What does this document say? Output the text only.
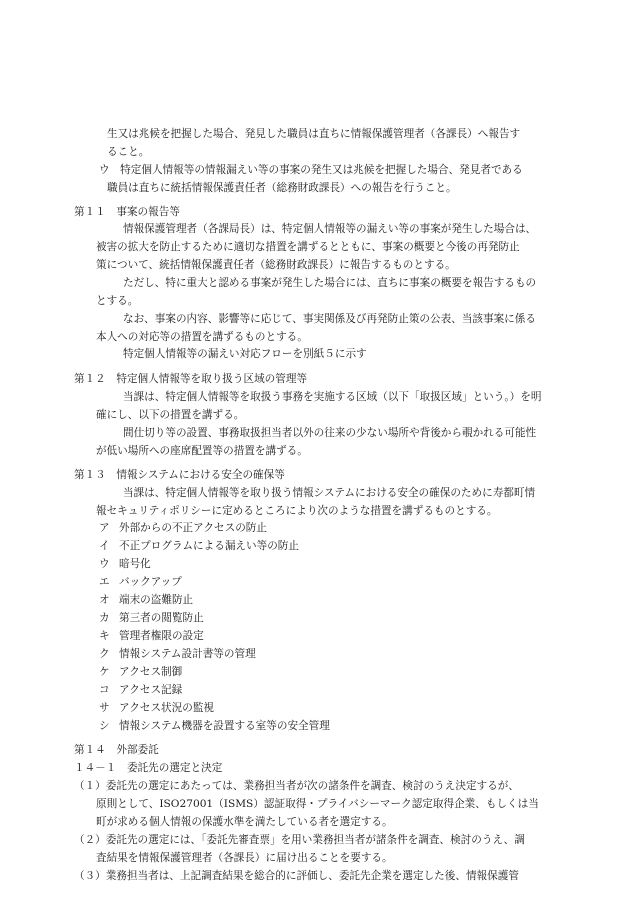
生又は兆候を把握した場合、発見した職員は直ちに情報保護管理者（各課長）へ報告す
ること。
ウ　特定個人情報等の情報漏えい等の事案の発生又は兆候を把握した場合、発見者である
職員は直ちに統括情報保護責任者（総務財政課長）への報告を行うこと。
第１１　事案の報告等
情報保護管理者（各課局長）は、特定個人情報等の漏えい等の事案が発生した場合は、
被害の拡大を防止するために適切な措置を講ずるとともに、事案の概要と今後の再発防止
策について、統括情報保護責任者（総務財政課長）に報告するものとする。
ただし、特に重大と認める事案が発生した場合には、直ちに事案の概要を報告するもの
とする。
なお、事案の内容、影響等に応じて、事実関係及び再発防止策の公表、当該事案に係る
本人への対応等の措置を講ずるものとする。
特定個人情報等の漏えい対応フローを別紙５に示す
第１２　特定個人情報等を取り扱う区域の管理等
当課は、特定個人情報等を取扱う事務を実施する区域（以下「取扱区域」という。）を明
確にし、以下の措置を講ずる。
間仕切り等の設置、事務取扱担当者以外の往来の少ない場所や背後から覗かれる可能性
が低い場所への座席配置等の措置を講ずる。
第１３　情報システムにおける安全の確保等
当課は、特定個人情報等を取り扱う情報システムにおける安全の確保のために寿都町情
報セキュリティポリシーに定めるところにより次のような措置を講ずるものとする。
ア 外部からの不正アクセスの防止
イ 不正プログラムによる漏えい等の防止
ウ 暗号化
エ バックアップ
オ 端末の盗難防止
カ 第三者の閲覧防止
キ 管理者権限の設定
ク 情報システム設計書等の管理
ケ アクセス制御
コ アクセス記録
サ アクセス状況の監視
シ 情報システム機器を設置する室等の安全管理
第１４　外部委託
１４－１　委託先の選定と決定
（１）委託先の選定にあたっては、業務担当者が次の諸条件を調査、検討のうえ決定するが、
原則として、ISO27001（ISMS）認証取得・プライバシーマーク認定取得企業、もしくは当
町が求める個人情報の保護水準を満たしている者を選定する。
（２）委託先の選定には、「委託先審査票」を用い業務担当者が諸条件を調査、検討のうえ、調
査結果を情報保護管理者（各課長）に届け出ることを要する。
（３）業務担当者は、上記調査結果を総合的に評価し、委託先企業を選定した後、情報保護管
